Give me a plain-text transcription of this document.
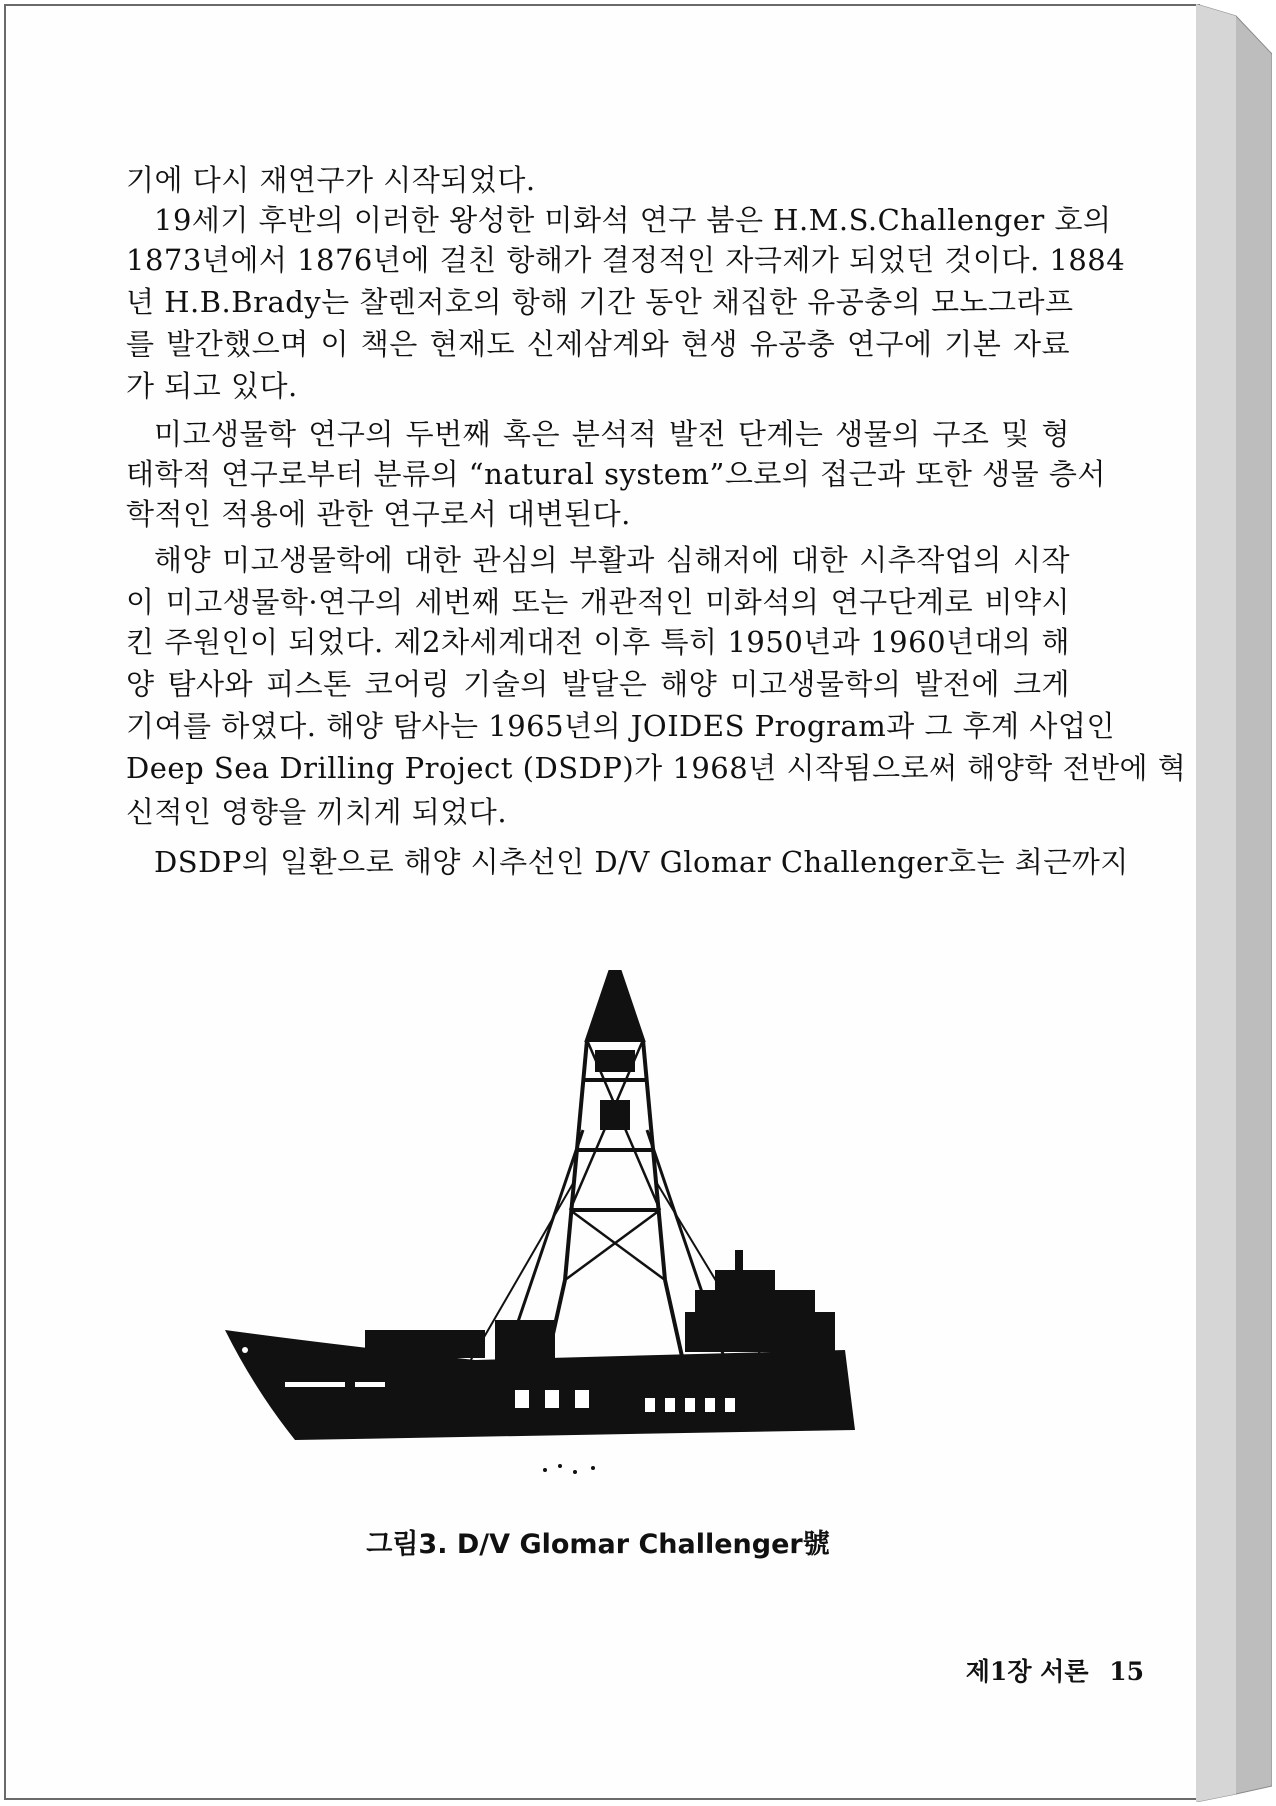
기에 다시 재연구가 시작되었다.
19세기 후반의 이러한 왕성한 미화석 연구 붐은 H.M.S.Challenger 호의
1873년에서 1876년에 걸친 항해가 결정적인 자극제가 되었던 것이다. 1884
년 H.B.Brady는 찰렌저호의 항해 기간 동안 채집한 유공충의 모노그라프
를 발간했으며 이 책은 현재도 신제삼계와 현생 유공충 연구에 기본 자료
가 되고 있다.
미고생물학 연구의 두번째 혹은 분석적 발전 단계는 생물의 구조 및 형
태학적 연구로부터 분류의 “natural system”으로의 접근과 또한 생물 층서
학적인 적용에 관한 연구로서 대변된다.
해양 미고생물학에 대한 관심의 부활과 심해저에 대한 시추작업의 시작
이 미고생물학·연구의 세번째 또는 개관적인 미화석의 연구단계로 비약시
킨 주원인이 되었다. 제2차세계대전 이후 특히 1950년과 1960년대의 해
양 탐사와 피스톤 코어링 기술의 발달은 해양 미고생물학의 발전에 크게
기여를 하였다. 해양 탐사는 1965년의 JOIDES Program과 그 후계 사업인
Deep Sea Drilling Project (DSDP)가 1968년 시작됨으로써 해양학 전반에 혁
신적인 영향을 끼치게 되었다.
DSDP의 일환으로 해양 시추선인 D/V Glomar Challenger호는 최근까지
그림3. D/V Glomar Challenger號
제1장 서론 15
